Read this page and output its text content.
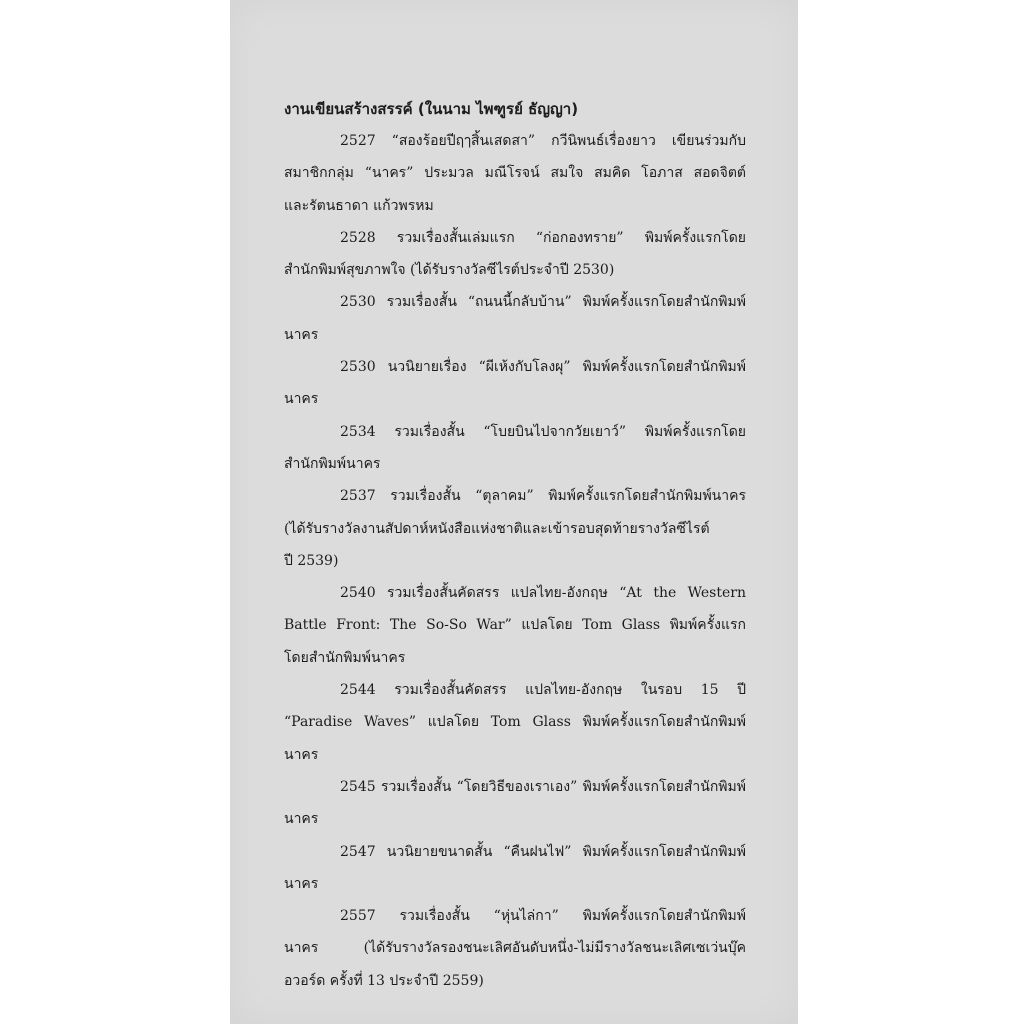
งานเขียนสร้างสรรค์ (ในนาม ไพฑูรย์ ธัญญา)
2527 “สองร้อยปีฤๅสิ้นเสดสา” กวีนิพนธ์เรื่องยาว เขียนร่วมกับ
สมาชิกกลุ่ม “นาคร” ประมวล มณีโรจน์ สมใจ สมคิด โอภาส สอดจิตต์
และรัตนธาดา แก้วพรหม
2528 รวมเรื่องสั้นเล่มแรก “ก่อกองทราย” พิมพ์ครั้งแรกโดย
สำนักพิมพ์สุขภาพใจ (ได้รับรางวัลซีไรต์ประจำปี 2530)
2530 รวมเรื่องสั้น “ถนนนี้กลับบ้าน” พิมพ์ครั้งแรกโดยสำนักพิมพ์
นาคร
2530 นวนิยายเรื่อง “ผีเห้งกับโลงผุ” พิมพ์ครั้งแรกโดยสำนักพิมพ์
นาคร
2534 รวมเรื่องสั้น “โบยบินไปจากวัยเยาว์” พิมพ์ครั้งแรกโดย
สำนักพิมพ์นาคร
2537 รวมเรื่องสั้น “ตุลาคม” พิมพ์ครั้งแรกโดยสำนักพิมพ์นาคร
(ได้รับรางวัลงานสัปดาห์หนังสือแห่งชาติและเข้ารอบสุดท้ายรางวัลซีไรต์
ปี 2539)
2540 รวมเรื่องสั้นคัดสรร แปลไทย-อังกฤษ “At the Western
Battle Front: The So-So War” แปลโดย Tom Glass พิมพ์ครั้งแรก
โดยสำนักพิมพ์นาคร
2544 รวมเรื่องสั้นคัดสรร แปลไทย-อังกฤษ ในรอบ 15 ปี
“Paradise Waves” แปลโดย Tom Glass พิมพ์ครั้งแรกโดยสำนักพิมพ์
นาคร
2545 รวมเรื่องสั้น “โดยวิธีของเราเอง” พิมพ์ครั้งแรกโดยสำนักพิมพ์
นาคร
2547 นวนิยายขนาดสั้น “คืนฝนไฟ” พิมพ์ครั้งแรกโดยสำนักพิมพ์
นาคร
2557 รวมเรื่องสั้น “หุ่นไล่กา” พิมพ์ครั้งแรกโดยสำนักพิมพ์
นาคร (ได้รับรางวัลรองชนะเลิศอันดับหนึ่ง-ไม่มีรางวัลชนะเลิศเซเว่นบุ๊ค
อวอร์ด ครั้งที่ 13 ประจำปี 2559)
